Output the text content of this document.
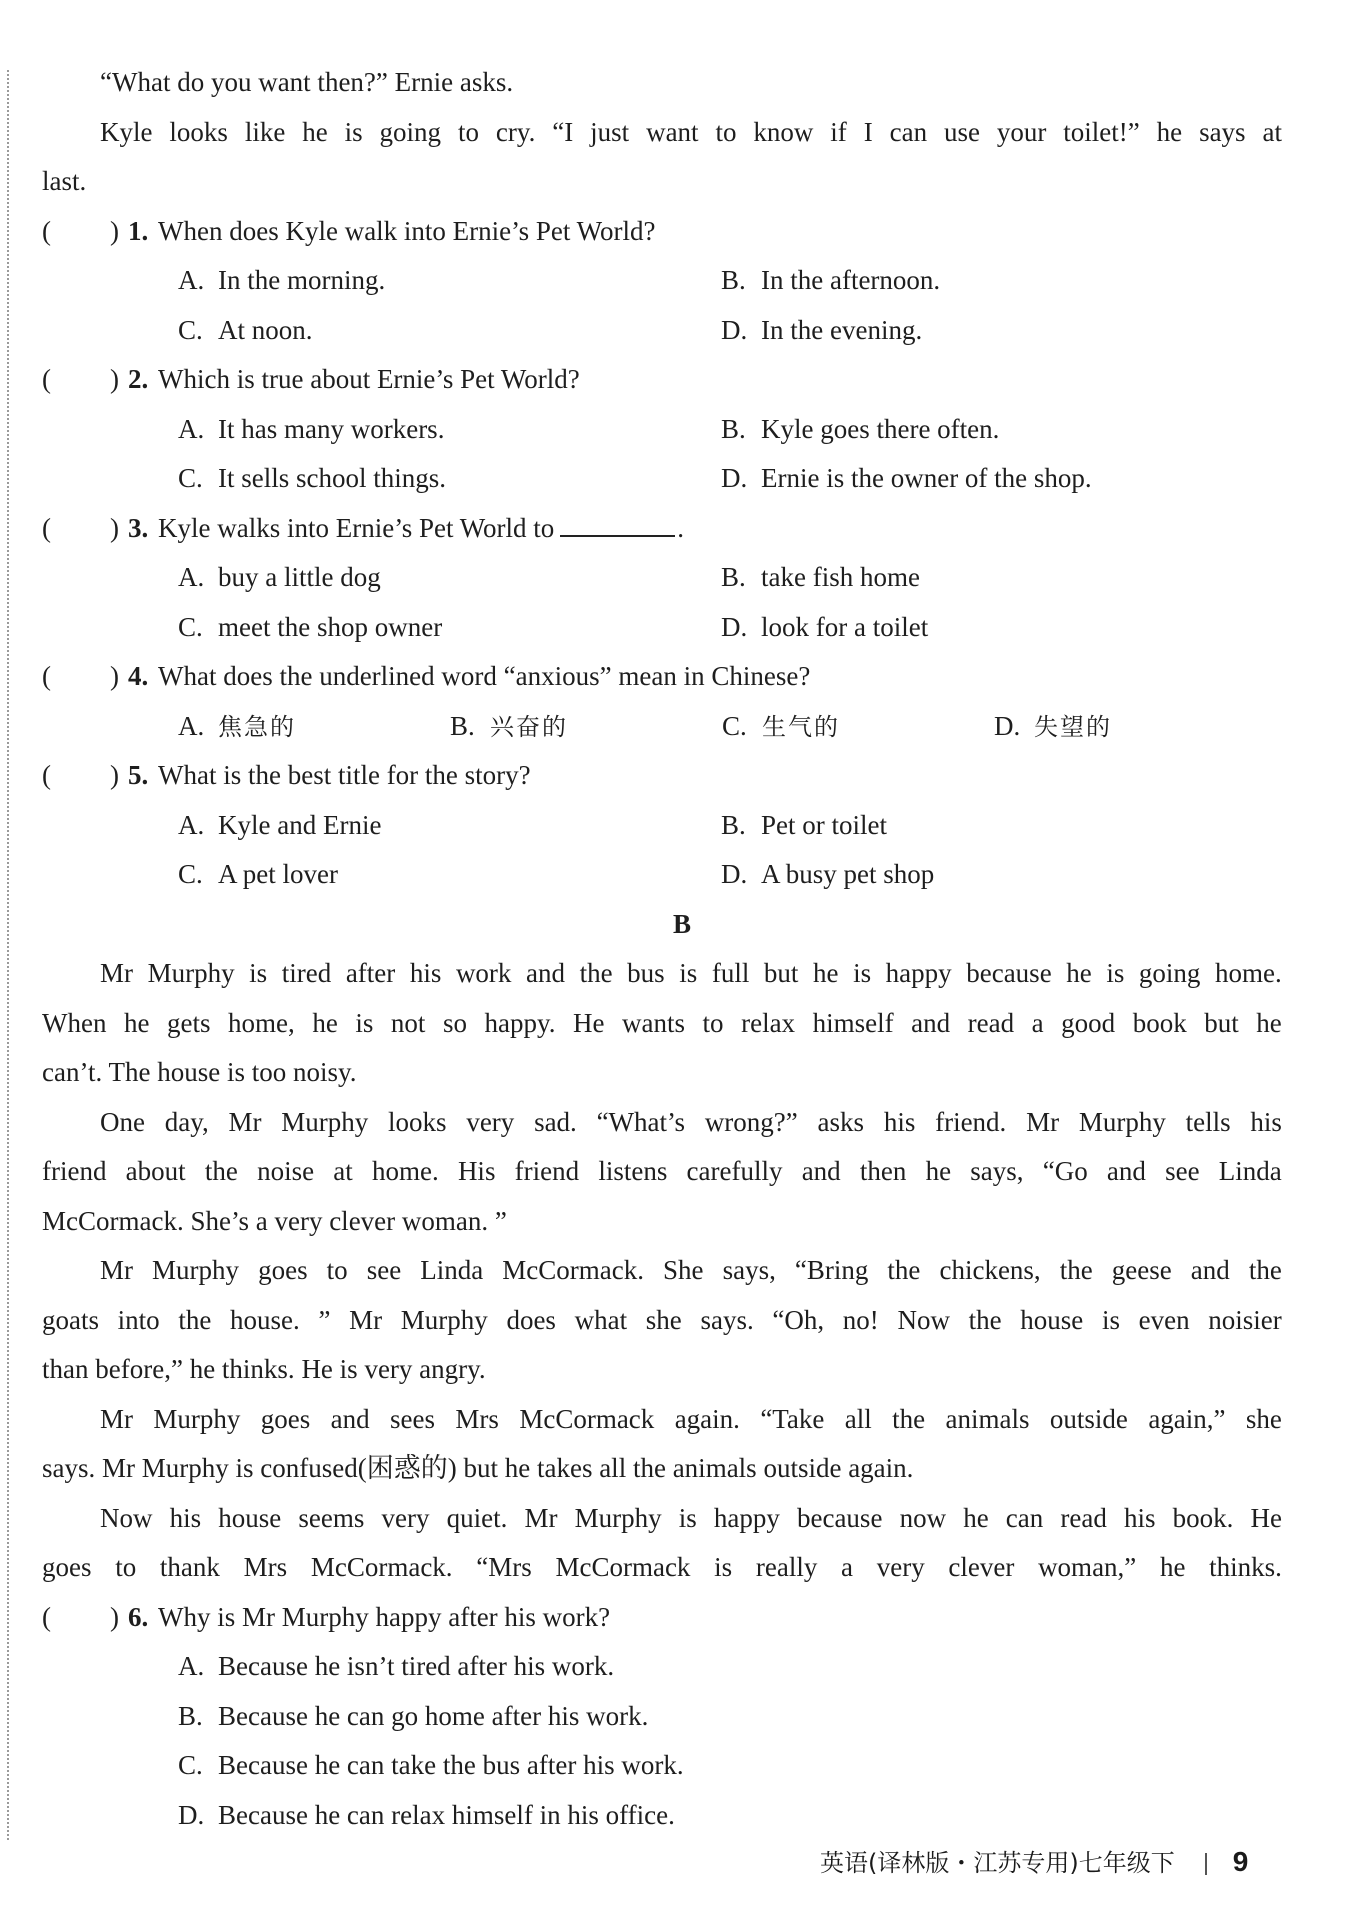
“What do you want then?” Ernie asks.
Kyle looks like he is going to cry. “I just want to know if I can use your toilet!” he says at
last.
(	) 1. When does Kyle walk into Ernie’s Pet World?
A. In the morning.	B. In the afternoon.
C. At noon.	D. In the evening.
(	) 2. Which is true about Ernie’s Pet World?
A. It has many workers.	B. Kyle goes there often.
C. It sells school things.	D. Ernie is the owner of the shop.
(	) 3. Kyle walks into Ernie’s Pet World to	.
A. buy a little dog	B. take fish home
C. meet the shop owner	D. look for a toilet
(	) 4. What does the underlined word “anxious” mean in Chinese?
A. 焦急的	B. 兴奋的	C. 生气的	D. 失望的
(	) 5. What is the best title for the story?
A. Kyle and Ernie	B. Pet or toilet
C. A pet lover	D. A busy pet shop
B
Mr Murphy is tired after his work and the bus is full but he is happy because he is going home.
When he gets home, he is not so happy. He wants to relax himself and read a good book but he
can’t. The house is too noisy.
One day, Mr Murphy looks very sad. “What’s wrong?” asks his friend. Mr Murphy tells his
friend about the noise at home. His friend listens carefully and then he says, “Go and see Linda
McCormack. She’s a very clever woman. ”
Mr Murphy goes to see Linda McCormack. She says, “Bring the chickens, the geese and the
goats into the house. ” Mr Murphy does what she says. “Oh, no! Now the house is even noisier
than before,” he thinks. He is very angry.
Mr Murphy goes and sees Mrs McCormack again. “Take all the animals outside again,” she
says. Mr Murphy is confused(困惑的) but he takes all the animals outside again.
Now his house seems very quiet. Mr Murphy is happy because now he can read his book. He
goes to thank Mrs McCormack. “Mrs McCormack is really a very clever woman,” he thinks.
(	) 6. Why is Mr Murphy happy after his work?
A. Because he isn’t tired after his work.
B. Because he can go home after his work.
C. Because he can take the bus after his work.
D. Because he can relax himself in his office.
英语(译林版・江苏专用)七年级下 9
